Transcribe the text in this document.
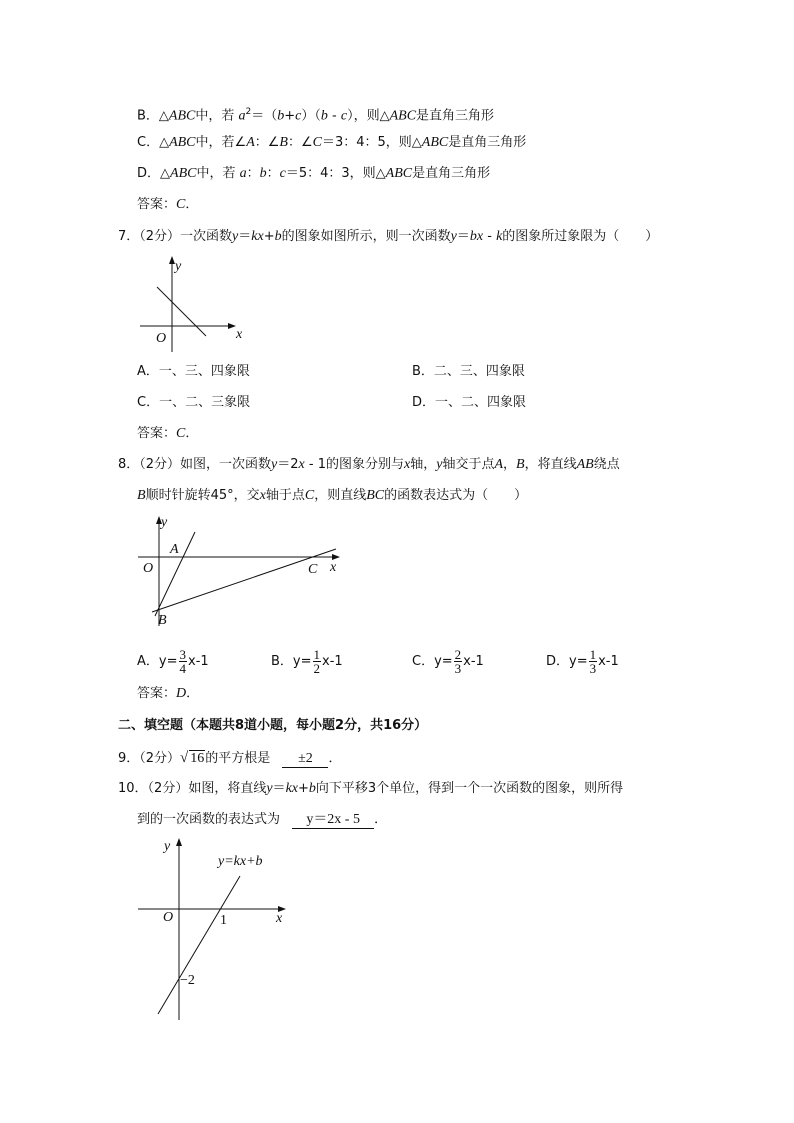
B．△ABC中，若 $a^2=(b+c)(b - c)$，则△ABC是直角三角形
C．△ABC中，若∠A：∠B：∠C＝3：4：5，则△ABC是直角三角形
D．△ABC中，若 a：b：c＝5：4：3，则△ABC是直角三角形
答案：C．
7．（2分）一次函数y＝kx+b的图象如图所示，则一次函数y＝bx - k的图象所过象限为（　　）
y
x
O
A．一、三、四象限	B．二、三、四象限
C．一、二、三象限	D．一、二、四象限
答案：C．
8．（2分）如图，一次函数y＝2x - 1的图象分别与x轴，y轴交于点A，B，将直线AB绕点
B顺时针旋转45°，交x轴于点C，则直线BC的函数表达式为（　　）
y
x
O
A
B
C
A．$y= \frac{3}{4} x-1$	B．$y= \frac{1}{2} x-1$	C．$y= \frac{2}{3} x-1$	D．$y= \frac{1}{3} x-1$
答案：D．
二、填空题（本题共8道小题，每小题2分，共16分）
9．（2分）√ 16的平方根是 ±2 ．
10．（2分）如图，将直线y＝kx+b向下平移3个单位，得到一个一次函数的图象，则所得
到的一次函数的表达式为 y＝2x - 5 ．
y
x
O
y=kx+b
1
−2
